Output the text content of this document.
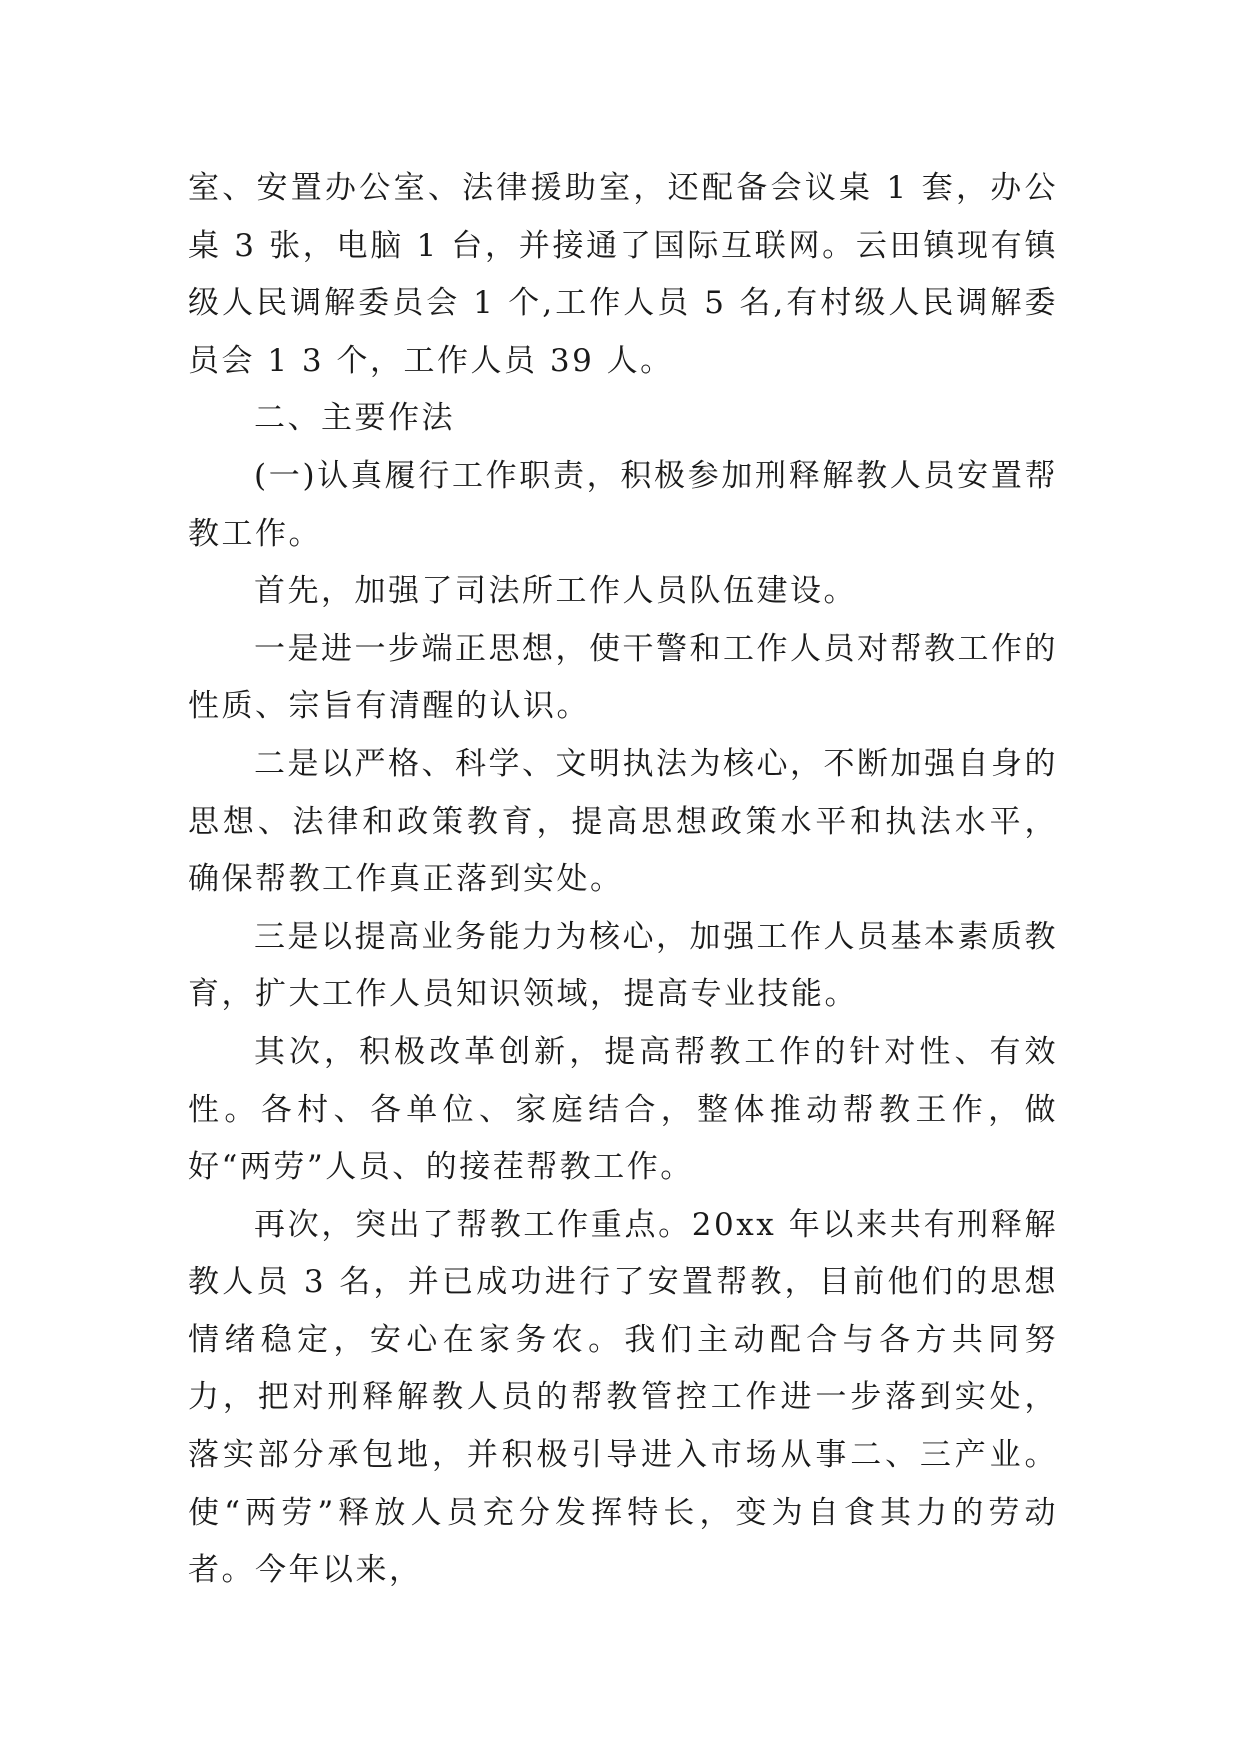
室、安置办公室、法律援助室，还配备会议桌 1 套，办公桌 3 张，电脑 1 台，并接通了国际互联网。云田镇现有镇级人民调解委员会 1 个,工作人员 5 名,有村级人民调解委员会 1 3 个，工作人员 39 人。

二、主要作法

(一)认真履行工作职责，积极参加刑释解教人员安置帮教工作。

首先，加强了司法所工作人员队伍建设。

一是进一步端正思想，使干警和工作人员对帮教工作的性质、宗旨有清醒的认识。

二是以严格、科学、文明执法为核心，不断加强自身的思想、法律和政策教育，提高思想政策水平和执法水平，确保帮教工作真正落到实处。

三是以提高业务能力为核心，加强工作人员基本素质教育，扩大工作人员知识领域，提高专业技能。

其次，积极改革创新，提高帮教工作的针对性、有效性。各村、各单位、家庭结合，整体推动帮教王作，做好“两劳”人员、的接茬帮教工作。

再次，突出了帮教工作重点。20xx 年以来共有刑释解教人员 3 名，并已成功进行了安置帮教，目前他们的思想情绪稳定，安心在家务农。我们主动配合与各方共同努力，把对刑释解教人员的帮教管控工作进一步落到实处，落实部分承包地，并积极引导进入市场从事二、三产业。使“两劳”释放人员充分发挥特长，变为自食其力的劳动者。今年以来，
